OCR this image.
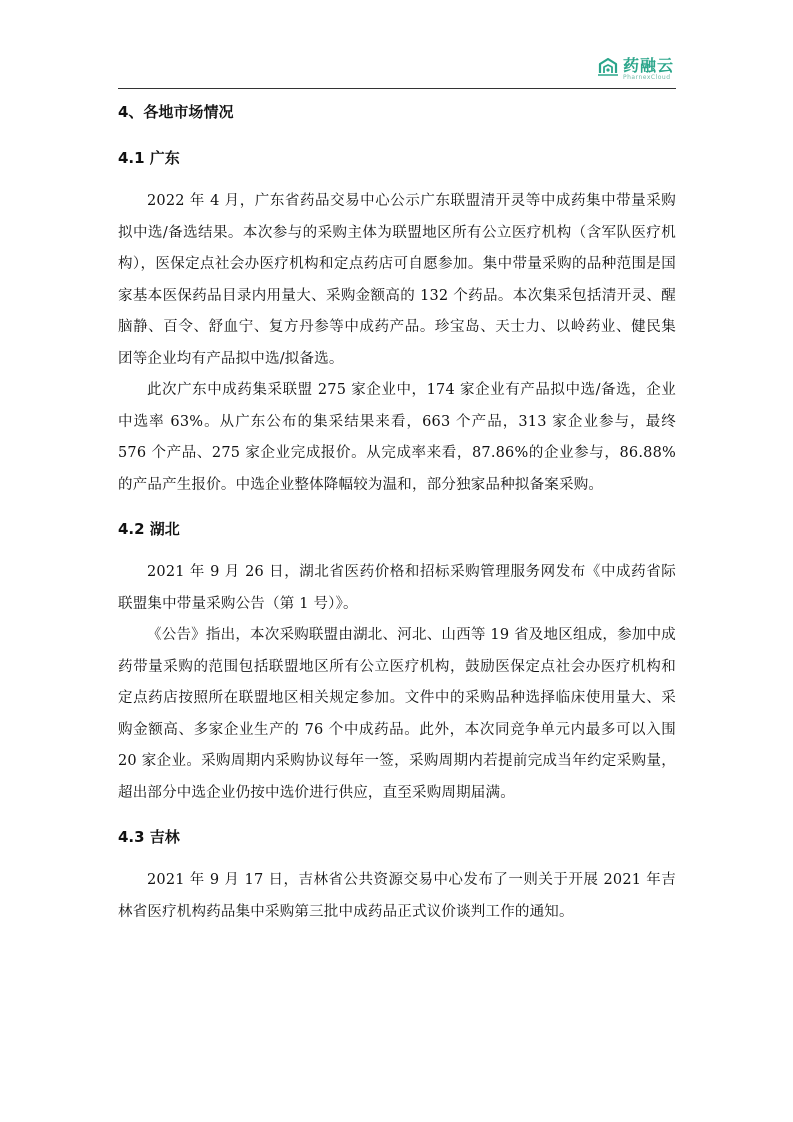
药融云
PharnexCloud
4、各地市场情况
4.1 广东

2022 年 4 月，广东省药品交易中心公示广东联盟清开灵等中成药集中带量采购拟中选/备选结果。本次参与的采购主体为联盟地区所有公立医疗机构（含军队医疗机构），医保定点社会办医疗机构和定点药店可自愿参加。集中带量采购的品种范围是国家基本医保药品目录内用量大、采购金额高的 132 个药品。本次集采包括清开灵、醒脑静、百令、舒血宁、复方丹参等中成药产品。珍宝岛、天士力、以岭药业、健民集团等企业均有产品拟中选/拟备选。

此次广东中成药集采联盟 275 家企业中，174 家企业有产品拟中选/备选，企业中选率 63%。从广东公布的集采结果来看，663 个产品，313 家企业参与，最终 576 个产品、275 家企业完成报价。从完成率来看，87.86%的企业参与，86.88%的产品产生报价。中选企业整体降幅较为温和，部分独家品种拟备案采购。

4.2 湖北

2021 年 9 月 26 日，湖北省医药价格和招标采购管理服务网发布《中成药省际联盟集中带量采购公告（第 1 号）》。

《公告》指出，本次采购联盟由湖北、河北、山西等 19 省及地区组成，参加中成药带量采购的范围包括联盟地区所有公立医疗机构，鼓励医保定点社会办医疗机构和定点药店按照所在联盟地区相关规定参加。文件中的采购品种选择临床使用量大、采购金额高、多家企业生产的 76 个中成药品。此外，本次同竞争单元内最多可以入围 20 家企业。采购周期内采购协议每年一签，采购周期内若提前完成当年约定采购量，超出部分中选企业仍按中选价进行供应，直至采购周期届满。

4.3 吉林

2021 年 9 月 17 日，吉林省公共资源交易中心发布了一则关于开展 2021 年吉林省医疗机构药品集中采购第三批中成药品正式议价谈判工作的通知。
